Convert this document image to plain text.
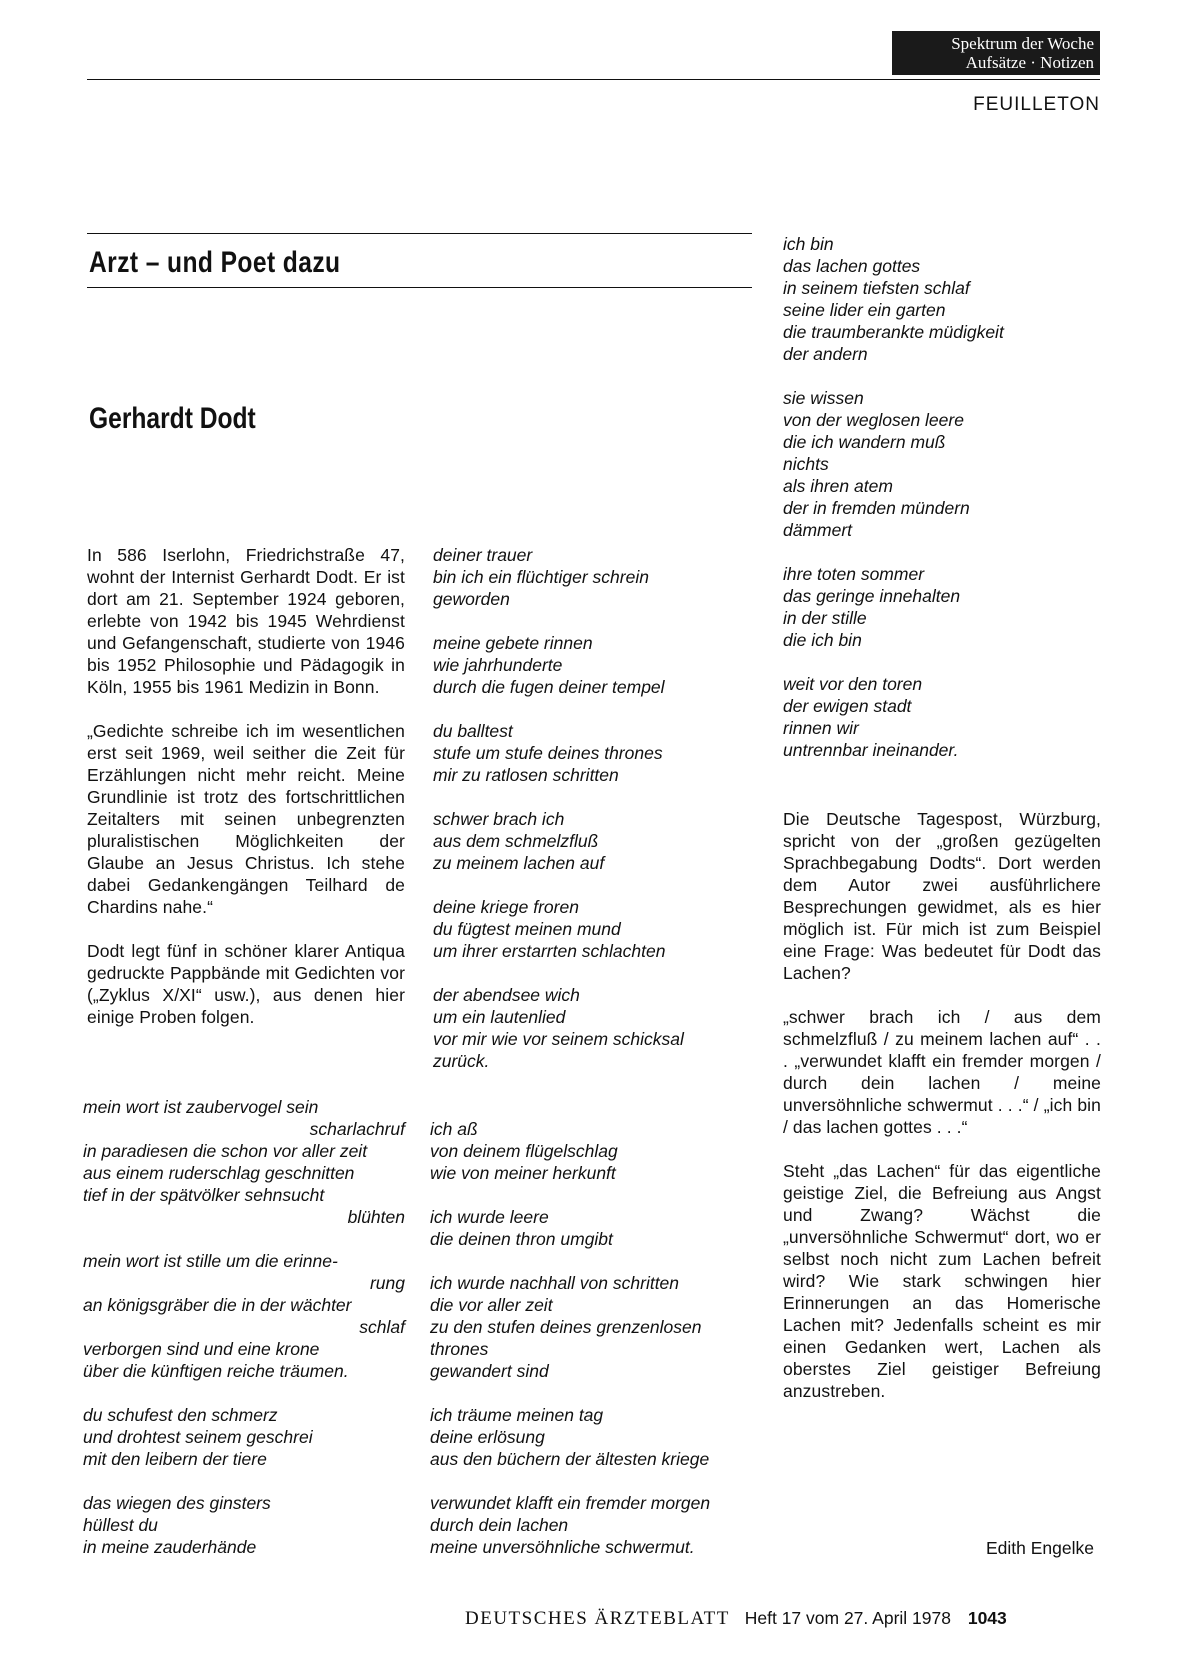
Spektrum der Woche
Aufsätze · Notizen
FEUILLETON
Arzt – und Poet dazu
Gerhardt Dodt

In 586 Iserlohn, Friedrichstraße 47, wohnt der Internist Gerhardt Dodt. Er ist dort am 21. September 1924 geboren, erlebte von 1942 bis 1945 Wehrdienst und Gefangenschaft, studierte von 1946 bis 1952 Philosophie und Pädagogik in Köln, 1955 bis 1961 Medizin in Bonn.

„Gedichte schreibe ich im wesentlichen erst seit 1969, weil seither die Zeit für Erzählungen nicht mehr reicht. Meine Grundlinie ist trotz des fortschrittlichen Zeitalters mit seinen unbegrenzten pluralistischen Möglichkeiten der Glaube an Jesus Christus. Ich stehe dabei Gedankengängen Teilhard de Chardins nahe.“

Dodt legt fünf in schöner klarer Antiqua gedruckte Pappbände mit Gedichten vor („Zyklus X/XI“ usw.), aus denen hier einige Proben folgen.

mein wort ist zaubervogel sein
scharlachruf
in paradiesen die schon vor aller zeit
aus einem ruderschlag geschnitten
tief in der spätvölker sehnsucht
blühten
mein wort ist stille um die erinne-
rung
an königsgräber die in der wächter
schlaf
verborgen sind und eine krone
über die künftigen reiche träumen.
du schufest den schmerz
und drohtest seinem geschrei
mit den leibern der tiere
das wiegen des ginsters
hüllest du
in meine zauderhände
deiner trauer
bin ich ein flüchtiger schrein
geworden
meine gebete rinnen
wie jahrhunderte
durch die fugen deiner tempel
du balltest
stufe um stufe deines thrones
mir zu ratlosen schritten
schwer brach ich
aus dem schmelzfluß
zu meinem lachen auf
deine kriege froren
du fügtest meinen mund
um ihrer erstarrten schlachten
der abendsee wich
um ein lautenlied
vor mir wie vor seinem schicksal
zurück.
ich aß
von deinem flügelschlag
wie von meiner herkunft
ich wurde leere
die deinen thron umgibt
ich wurde nachhall von schritten
die vor aller zeit
zu den stufen deines grenzenlosen
thrones
gewandert sind
ich träume meinen tag
deine erlösung
aus den büchern der ältesten kriege
verwundet klafft ein fremder morgen
durch dein lachen
meine unversöhnliche schwermut.
ich bin
das lachen gottes
in seinem tiefsten schlaf
seine lider ein garten
die traumberankte müdigkeit
der andern
sie wissen
von der weglosen leere
die ich wandern muß
nichts
als ihren atem
der in fremden mündern
dämmert
ihre toten sommer
das geringe innehalten
in der stille
die ich bin
weit vor den toren
der ewigen stadt
rinnen wir
untrennbar ineinander.

Die Deutsche Tagespost, Würzburg, spricht von der „großen gezügelten Sprachbegabung Dodts“. Dort werden dem Autor zwei ausführlichere Besprechungen gewidmet, als es hier möglich ist. Für mich ist zum Beispiel eine Frage: Was bedeutet für Dodt das Lachen?

„schwer brach ich / aus dem schmelzfluß / zu meinem lachen auf“ . . . „verwundet klafft ein fremder morgen / durch dein lachen / meine unversöhnliche schwermut . . .“ / „ich bin / das lachen gottes . . .“

Steht „das Lachen“ für das eigentliche geistige Ziel, die Befreiung aus Angst und Zwang? Wächst die „unversöhnliche Schwermut“ dort, wo er selbst noch nicht zum Lachen befreit wird? Wie stark schwingen hier Erinnerungen an das Homerische Lachen mit? Jedenfalls scheint es mir einen Gedanken wert, Lachen als oberstes Ziel geistiger Befreiung anzustreben.

Edith Engelke
DEUTSCHES ÄRZTEBLATT Heft 17 vom 27. April 1978 1043
